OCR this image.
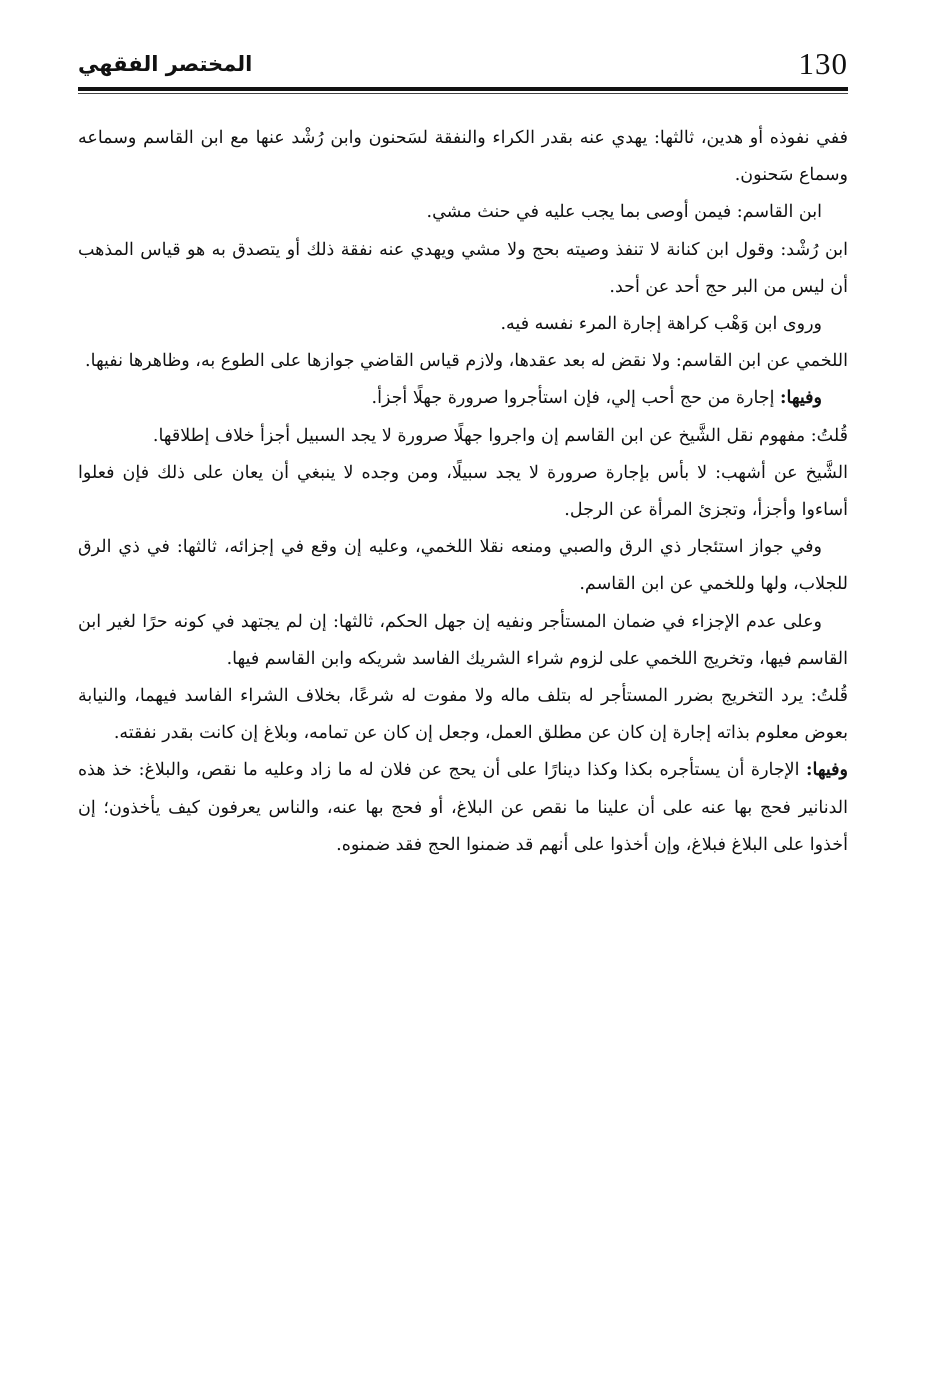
130
المختصر الفقهي

ففي نفوذه أو هدين، ثالثها: يهدي عنه بقدر الكراء والنفقة لسَحنون وابن رُشْد عنها مع ابن القاسم وسماعه وسماع سَحنون.

ابن القاسم: فيمن أوصى بما يجب عليه في حنث مشي.

ابن رُشْد: وقول ابن كنانة لا تنفذ وصيته بحج ولا مشي ويهدي عنه نفقة ذلك أو يتصدق به هو قياس المذهب أن ليس من البر حج أحد عن أحد.

وروى ابن وَهْب كراهة إجارة المرء نفسه فيه.

اللخمي عن ابن القاسم: ولا نقض له بعد عقدها، ولازم قياس القاضي جوازها على الطوع به، وظاهرها نفيها.

وفيها: إجارة من حج أحب إلي، فإن استأجروا صرورة جهلًا أجزأ.

قُلتُ: مفهوم نقل الشَّيخ عن ابن القاسم إن واجروا جهلًا صرورة لا يجد السبيل أجزأ خلاف إطلاقها.

الشَّيخ عن أشهب: لا بأس بإجارة صرورة لا يجد سبيلًا، ومن وجده لا ينبغي أن يعان على ذلك فإن فعلوا أساءوا وأجزأ، وتجزئ المرأة عن الرجل.

وفي جواز استئجار ذي الرق والصبي ومنعه نقلا اللخمي، وعليه إن وقع في إجزائه، ثالثها: في ذي الرق للجلاب، ولها وللخمي عن ابن القاسم.

وعلى عدم الإجزاء في ضمان المستأجر ونفيه إن جهل الحكم، ثالثها: إن لم يجتهد في كونه حرًا لغير ابن القاسم فيها، وتخريج اللخمي على لزوم شراء الشريك الفاسد شريكه وابن القاسم فيها.

قُلتُ: يرد التخريج بضرر المستأجر له بتلف ماله ولا مفوت له شرعًا، بخلاف الشراء الفاسد فيهما، والنيابة بعوض معلوم بذاته إجارة إن كان عن مطلق العمل، وجعل إن كان عن تمامه، وبلاغ إن كانت بقدر نفقته.

وفيها: الإجارة أن يستأجره بكذا وكذا دينارًا على أن يحج عن فلان له ما زاد وعليه ما نقص، والبلاغ: خذ هذه الدنانير فحج بها عنه على أن علينا ما نقص عن البلاغ، أو فحج بها عنه، والناس يعرفون كيف يأخذون؛ إن أخذوا على البلاغ فبلاغ، وإن أخذوا على أنهم قد ضمنوا الحج فقد ضمنوه.
